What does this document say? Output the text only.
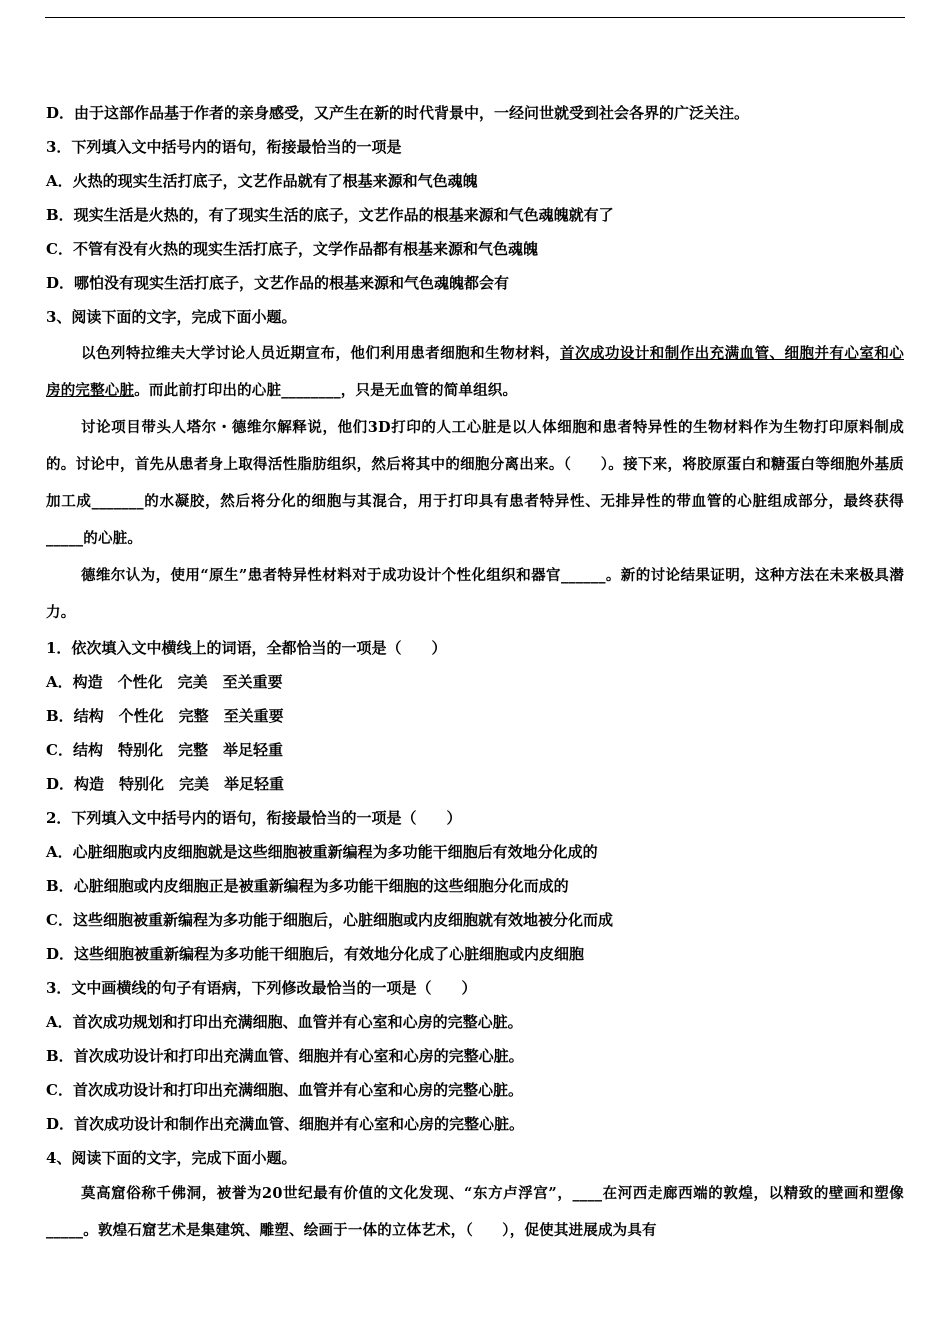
D．由于这部作品基于作者的亲身感受，又产生在新的时代背景中，一经问世就受到社会各界的广泛关注。
3．下列填入文中括号内的语句，衔接最恰当的一项是
A．火热的现实生活打底子，文艺作品就有了根基来源和气色魂魄
B．现实生活是火热的，有了现实生活的底子，文艺作品的根基来源和气色魂魄就有了
C．不管有没有火热的现实生活打底子，文学作品都有根基来源和气色魂魄
D．哪怕没有现实生活打底子，文艺作品的根基来源和气色魂魄都会有
3、阅读下面的文字，完成下面小题。

以色列特拉维夫大学讨论人员近期宣布，他们利用患者细胞和生物材料，首次成功设计和制作出充满血管、细胞并有心室和心房的完整心脏。而此前打印出的心脏________，只是无血管的简单组织。

讨论项目带头人塔尔・德维尔解释说，他们3D打印的人工心脏是以人体细胞和患者特异性的生物材料作为生物打印原料制成的。讨论中，首先从患者身上取得活性脂肪组织，然后将其中的细胞分离出来。（　　）。接下来，将胶原蛋白和糖蛋白等细胞外基质加工成_______的水凝胶，然后将分化的细胞与其混合，用于打印具有患者特异性、无排异性的带血管的心脏组成部分，最终获得_____的心脏。

德维尔认为，使用“原生”患者特异性材料对于成功设计个性化组织和器官______。新的讨论结果证明，这种方法在未来极具潜力。

1．依次填入文中横线上的词语，全都恰当的一项是（　　）
A．构造　个性化　完美　至关重要
B．结构　个性化　完整　至关重要
C．结构　特别化　完整　举足轻重
D．构造　特别化　完美　举足轻重
2．下列填入文中括号内的语句，衔接最恰当的一项是（　　）
A．心脏细胞或内皮细胞就是这些细胞被重新编程为多功能干细胞后有效地分化成的
B．心脏细胞或内皮细胞正是被重新编程为多功能干细胞的这些细胞分化而成的
C．这些细胞被重新编程为多功能于细胞后，心脏细胞或内皮细胞就有效地被分化而成
D．这些细胞被重新编程为多功能干细胞后，有效地分化成了心脏细胞或内皮细胞
3．文中画横线的句子有语病，下列修改最恰当的一项是（　　）
A．首次成功规划和打印出充满细胞、血管并有心室和心房的完整心脏。
B．首次成功设计和打印出充满血管、细胞并有心室和心房的完整心脏。
C．首次成功设计和打印出充满细胞、血管并有心室和心房的完整心脏。
D．首次成功设计和制作出充满血管、细胞并有心室和心房的完整心脏。
4、阅读下面的文字，完成下面小题。

莫高窟俗称千佛洞，被誉为20世纪最有价值的文化发现、“东方卢浮宫”，____在河西走廊西端的敦煌，以精致的壁画和塑像 _____。敦煌石窟艺术是集建筑、雕塑、绘画于一体的立体艺术，（　　），促使其进展成为具有
